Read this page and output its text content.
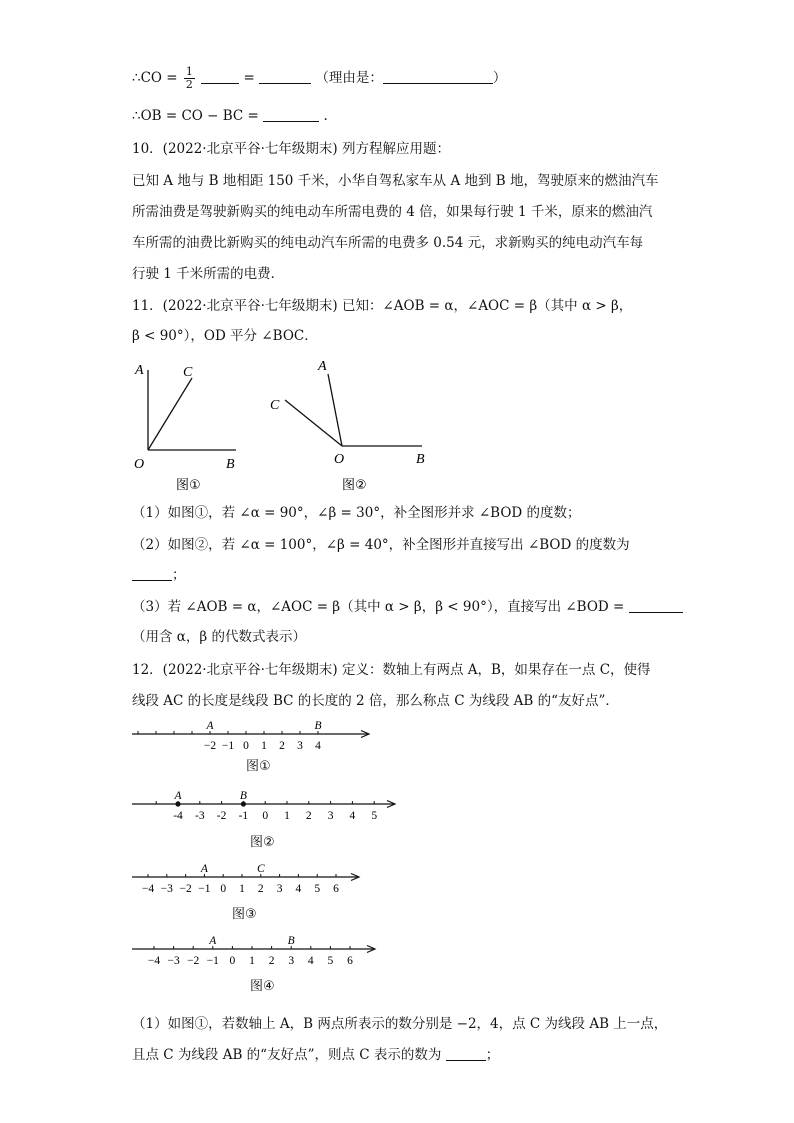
∴CO = $\frac{1}{2}$	=	（理由是：	）
∴OB = CO − BC =	.
10．(2022·北京平谷·七年级期末) 列方程解应用题：
已知 A 地与 B 地相距 150 千米，小华自驾私家车从 A 地到 B 地，驾驶原来的燃油汽车
所需油费是驾驶新购买的纯电动车所需电费的 4 倍，如果每行驶 1 千米，原来的燃油汽
车所需的油费比新购买的纯电动汽车所需的电费多 0.54 元，求新购买的纯电动汽车每
行驶 1 千米所需的电费．
11．(2022·北京平谷·七年级期末) 已知：∠AOB = α，∠AOC = β（其中 α > β，
β < 90°），OD 平分 ∠BOC．
A	C
O	B
图①
A
C
O	B
图②
（1）如图①，若 ∠α = 90°，∠β = 30°，补全图形并求 ∠BOD 的度数；
（2）如图②，若 ∠α = 100°，∠β = 40°，补全图形并直接写出 ∠BOD 的度数为
；
（3）若 ∠AOB = α，∠AOC = β（其中 α > β，β < 90°），直接写出 ∠BOD =
（用含 α，β 的代数式表示）
12．(2022·北京平谷·七年级期末) 定义：数轴上有两点 A，B，如果存在一点 C，使得
线段 AC 的长度是线段 BC 的长度的 2 倍，那么称点 C 为线段 AB 的“友好点”．
−2 −1 0 1 2 3 4
A	B
图①
-4 -3 -2 -1 0 1 2 3 4 5
A	B
图②
−4 −3 −2 −1 0 1 2 3 4 5 6
A	C
图③
−4 −3 −2 −1 0 1 2 3 4 5 6
A	B
图④
（1）如图①，若数轴上 A，B 两点所表示的数分别是 −2，4，点 C 为线段 AB 上一点，
且点 C 为线段 AB 的“友好点”，则点 C 表示的数为	；
